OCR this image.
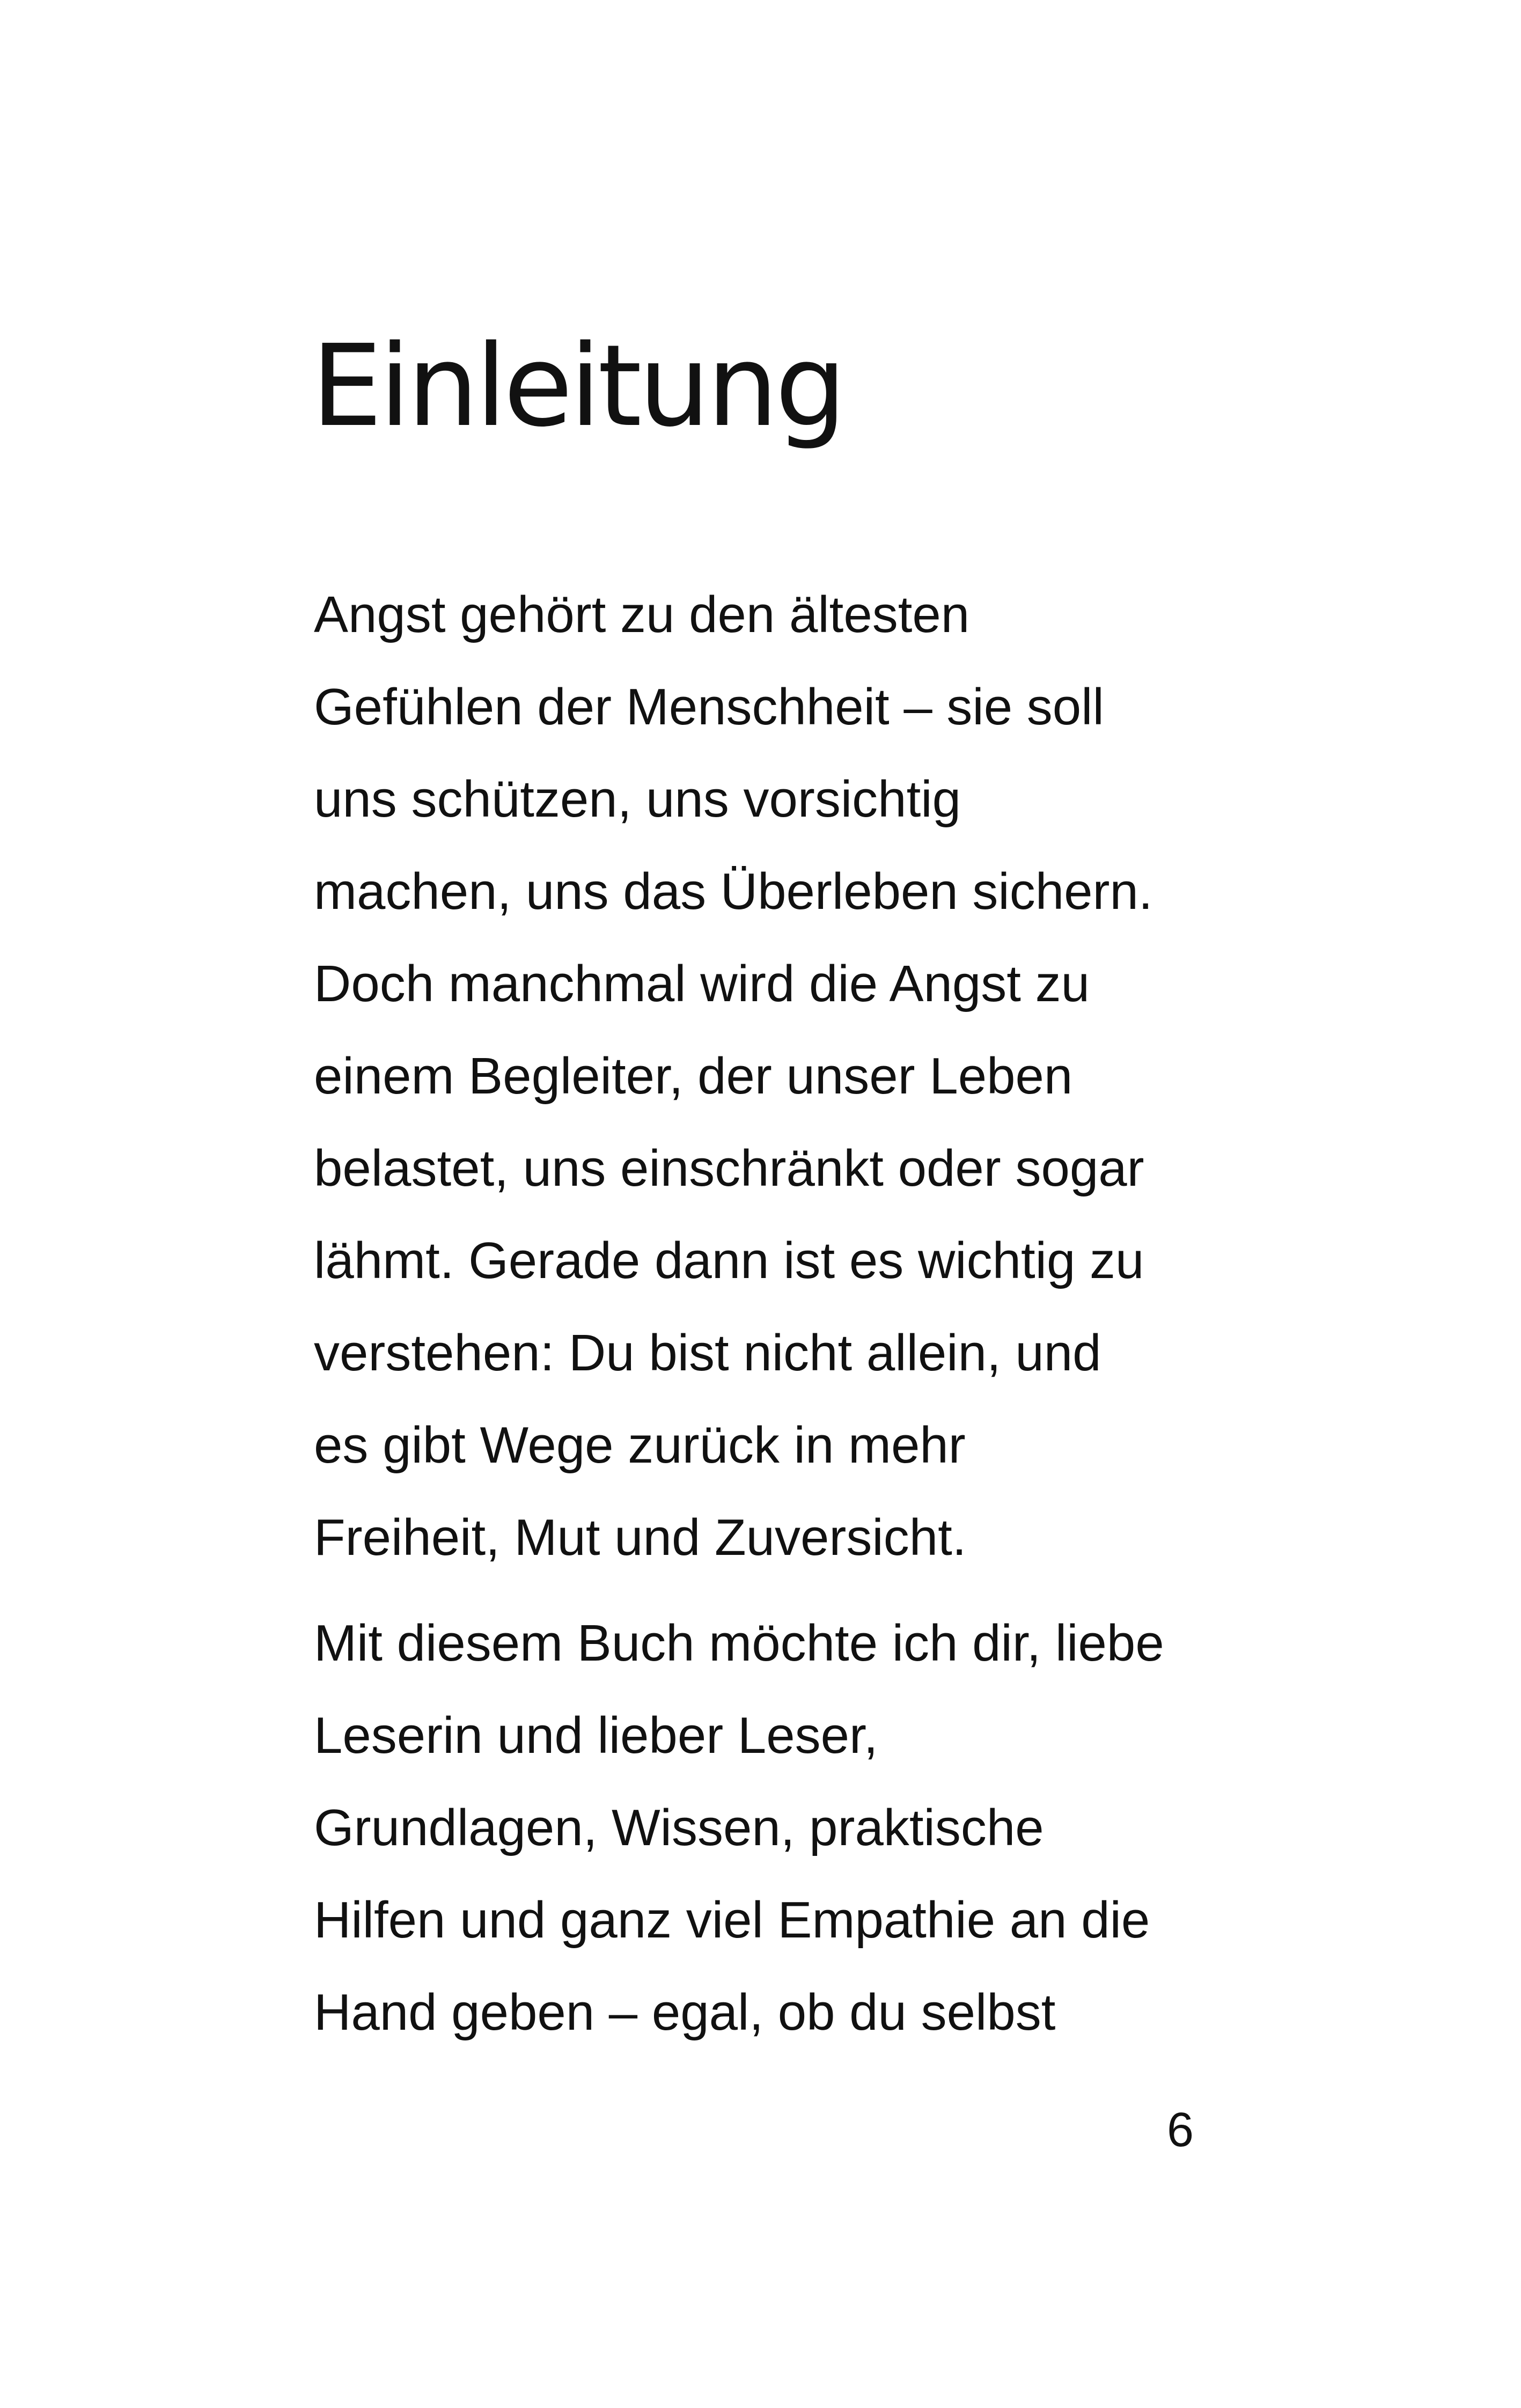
Einleitung
Angst gehört zu den ältesten
Gefühlen der Menschheit – sie soll
uns schützen, uns vorsichtig
machen, uns das Überleben sichern.
Doch manchmal wird die Angst zu
einem Begleiter, der unser Leben
belastet, uns einschränkt oder sogar
lähmt. Gerade dann ist es wichtig zu
verstehen: Du bist nicht allein, und
es gibt Wege zurück in mehr
Freiheit, Mut und Zuversicht.
Mit diesem Buch möchte ich dir, liebe
Leserin und lieber Leser,
Grundlagen, Wissen, praktische
Hilfen und ganz viel Empathie an die
Hand geben – egal, ob du selbst
6
